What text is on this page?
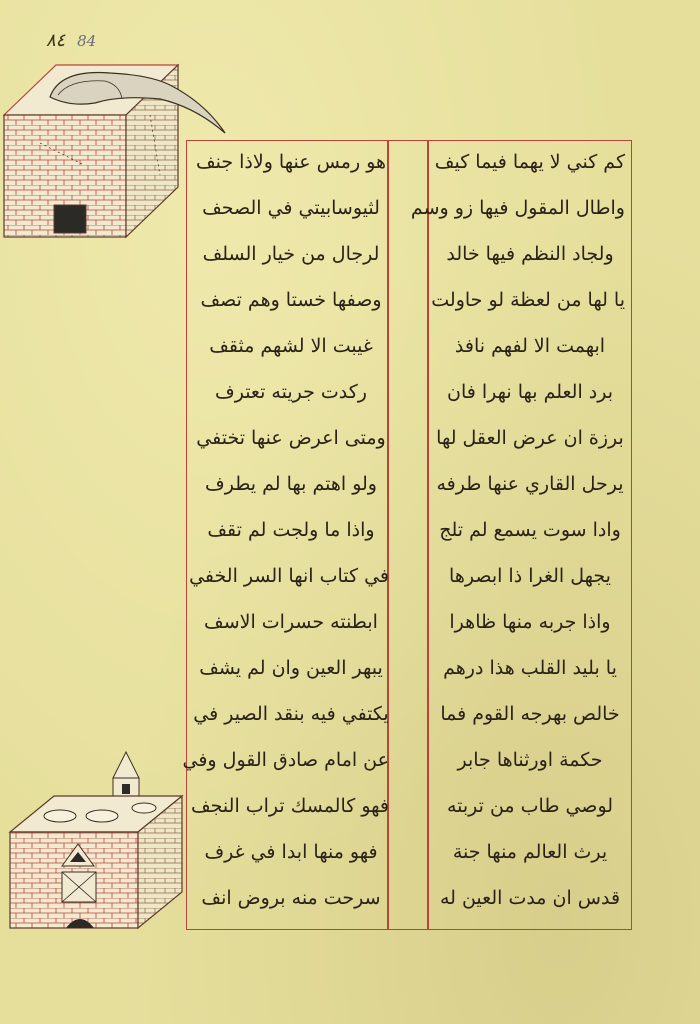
٨٤ 84
كم كني لا يهما فيما كيف
واطال المقول فيها زو وسم
ولجاد النظم فيها خالد
يا لها من لعظة لو حاولت
ابهمت الا لفهم نافذ
برد العلم بها نهرا فان
برزة ان عرض العقل لها
يرحل القاري عنها طرفه
وادا سوت يسمع لم تلج
يجهل الغرا ذا ابصرها
واذا جربه منها ظاهرا
يا بليد القلب هذا درهم
خالص بهرجه القوم فما
حكمة اورثناها جابر
لوصي طاب من تربته
يرث العالم منها جنة
قدس ان مدت العين له
هو رمس عنها ولاذا جنف
لثيوسابيتي في الصحف
لرجال من خيار السلف
وصفها خستا وهم تصف
غيبت الا لشهم مثقف
ركدت جريته تعترف
ومتى اعرض عنها تختفي
ولو اهتم بها لم يطرف
واذا ما ولجت لم تقف
في كتاب انها السر الخفي
ابطنته حسرات الاسف
يبهر العين وان لم يشف
يكتفي فيه بنقد الصير في
عن امام صادق القول وفي
فهو كالمسك تراب النجف
فهو منها ابدا في غرف
سرحت منه بروض انف
